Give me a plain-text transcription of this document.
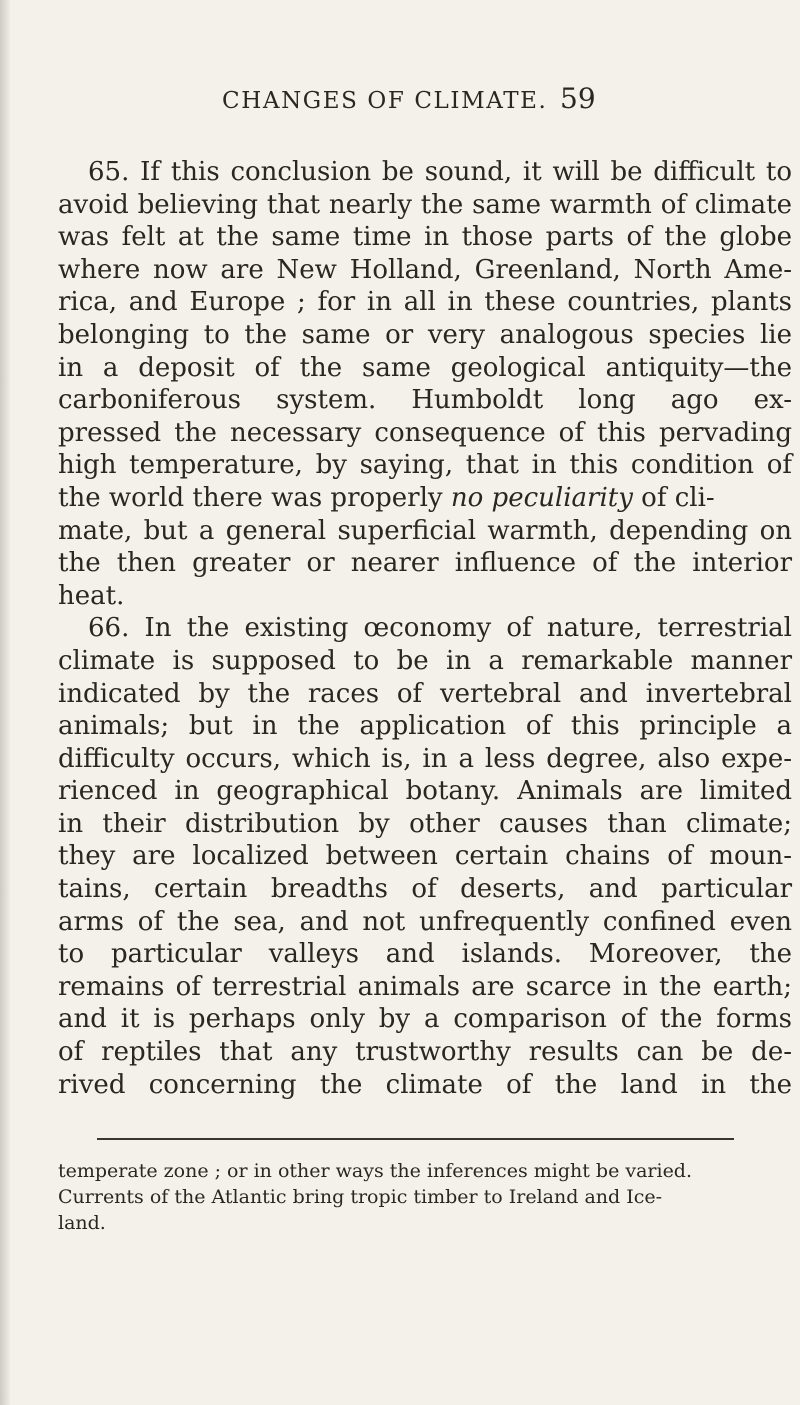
CHANGES OF CLIMATE. 59
65. If this conclusion be sound, it will be difficult to
avoid believing that nearly the same warmth of climate
was felt at the same time in those parts of the globe
where now are New Holland, Greenland, North Ame-
rica, and Europe ; for in all in these countries, plants
belonging to the same or very analogous species lie
in a deposit of the same geological antiquity—the
carboniferous system. Humboldt long ago ex-
pressed the necessary consequence of this pervading
high temperature, by saying, that in this condition of
the world there was properly no peculiarity of cli-
mate, but a general superficial warmth, depending on
the then greater or nearer influence of the interior
heat.
66. In the existing œconomy of nature, terrestrial
climate is supposed to be in a remarkable manner
indicated by the races of vertebral and invertebral
animals; but in the application of this principle a
difficulty occurs, which is, in a less degree, also expe-
rienced in geographical botany. Animals are limited
in their distribution by other causes than climate;
they are localized between certain chains of moun-
tains, certain breadths of deserts, and particular
arms of the sea, and not unfrequently confined even
to particular valleys and islands. Moreover, the
remains of terrestrial animals are scarce in the earth;
and it is perhaps only by a comparison of the forms
of reptiles that any trustworthy results can be de-
rived concerning the climate of the land in the
temperate zone ; or in other ways the inferences might be varied.
Currents of the Atlantic bring tropic timber to Ireland and Ice-
land.
